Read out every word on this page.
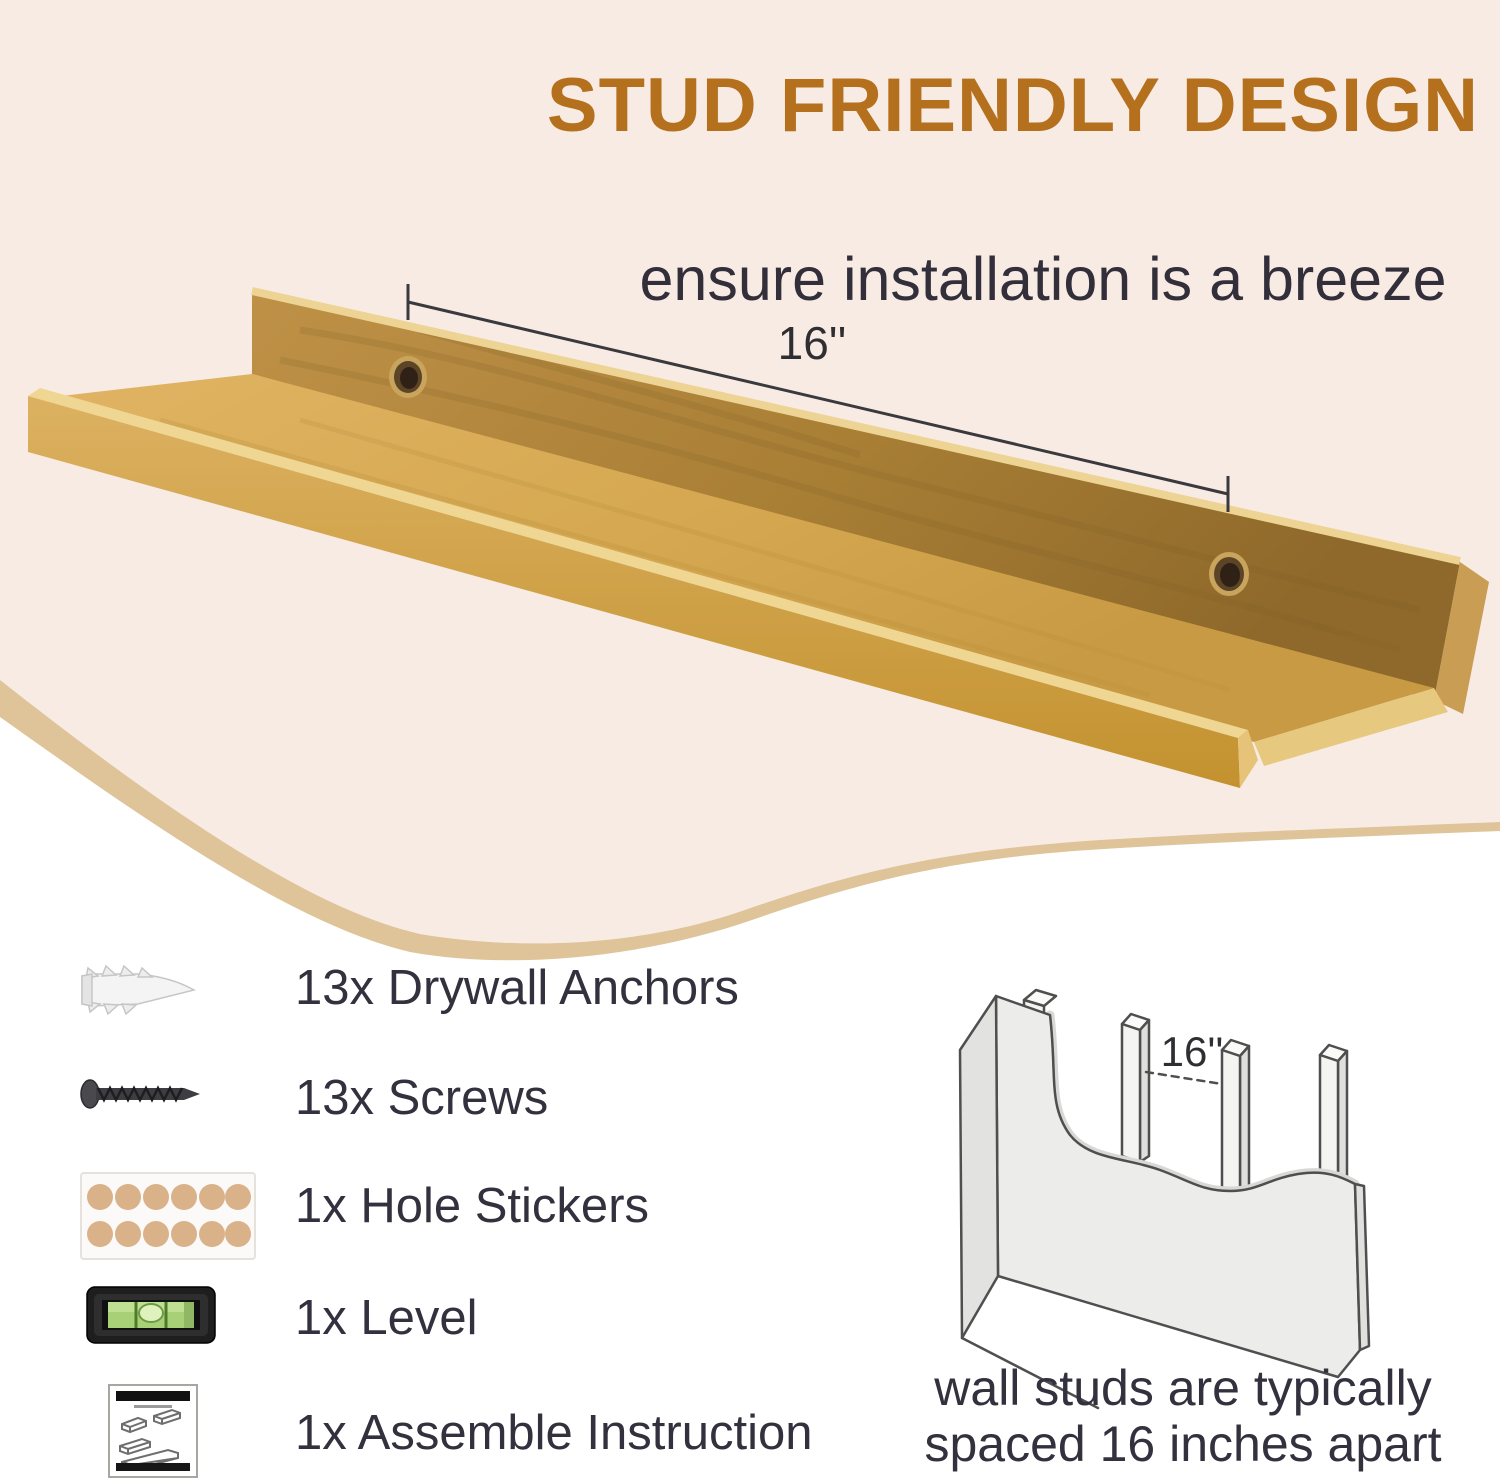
STUD FRIENDLY DESIGN
ensure installation is a breeze
16''
13x Drywall Anchors
13x Screws
1x Hole Stickers
1x Level
1x Assemble Instruction
16''
wall studs are typically
spaced 16 inches apart
